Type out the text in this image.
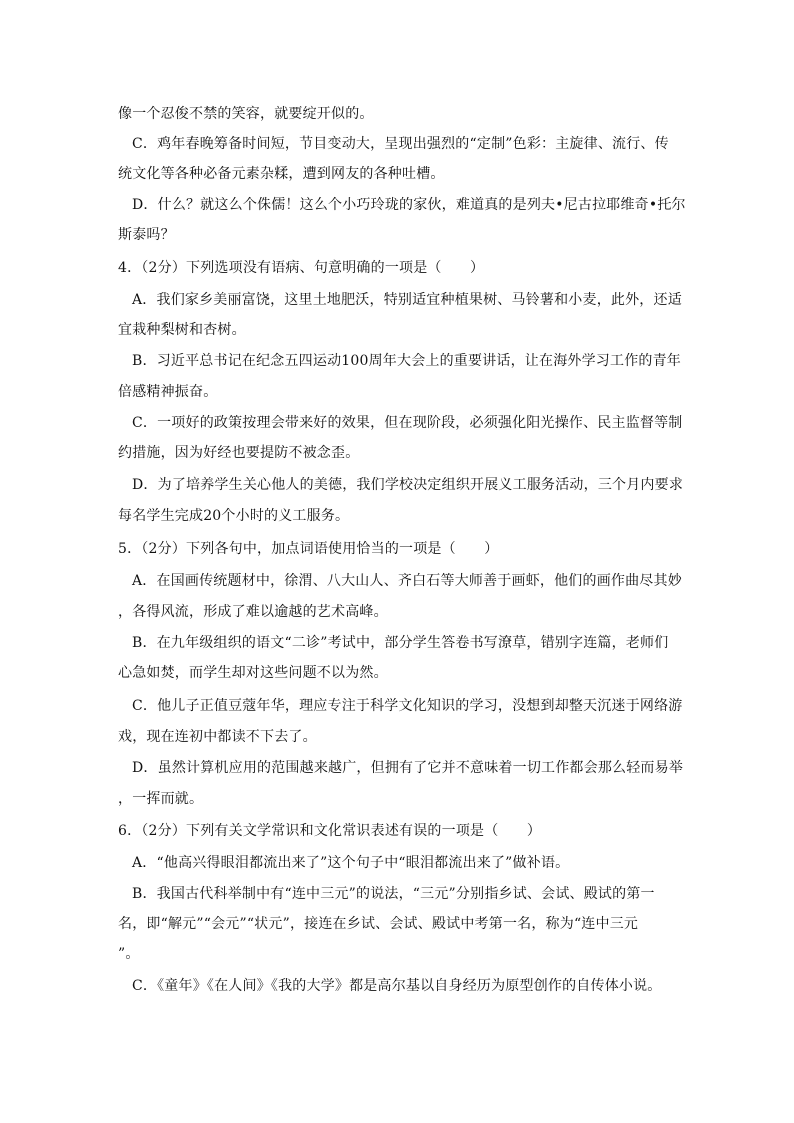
像一个忍俊不禁的笑容，就要绽开似的。
C．鸡年春晚筹备时间短，节目变动大，呈现出强烈的“定制”色彩：主旋律、流行、传
统文化等各种必备元素杂糅，遭到网友的各种吐槽。
D．什么？就这么个侏儒！这么个小巧玲珑的家伙，难道真的是列夫•尼古拉耶维奇•托尔
斯泰吗？
4．（2分）下列选项没有语病、句意明确的一项是（　　）
A．我们家乡美丽富饶，这里土地肥沃，特别适宜种植果树、马铃薯和小麦，此外，还适
宜栽种梨树和杏树。
B．习近平总书记在纪念五四运动100周年大会上的重要讲话，让在海外学习工作的青年
倍感精神振奋。
C．一项好的政策按理会带来好的效果，但在现阶段，必须强化阳光操作、民主监督等制
约措施，因为好经也要提防不被念歪。
D．为了培养学生关心他人的美德，我们学校决定组织开展义工服务活动，三个月内要求
每名学生完成20个小时的义工服务。
5．（2分）下列各句中，加点词语使用恰当的一项是（　　）
A．在国画传统题材中，徐渭、八大山人、齐白石等大师善于画虾，他们的画作曲尽其妙
，各得风流，形成了难以逾越的艺术高峰。
B．在九年级组织的语文“二诊”考试中，部分学生答卷书写潦草，错别字连篇，老师们
心急如焚，而学生却对这些问题不以为然。
C．他儿子正值豆蔻年华，理应专注于科学文化知识的学习，没想到却整天沉迷于网络游
戏，现在连初中都读不下去了。
D．虽然计算机应用的范围越来越广，但拥有了它并不意味着一切工作都会那么轻而易举
，一挥而就。
6．（2分）下列有关文学常识和文化常识表述有误的一项是（　　）
A．“他高兴得眼泪都流出来了”这个句子中“眼泪都流出来了”做补语。
B．我国古代科举制中有“连中三元”的说法，“三元”分别指乡试、会试、殿试的第一
名，即“解元”“会元”“状元”，接连在乡试、会试、殿试中考第一名，称为“连中三元
”。
C．《童年》《在人间》《我的大学》都是高尔基以自身经历为原型创作的自传体小说。
